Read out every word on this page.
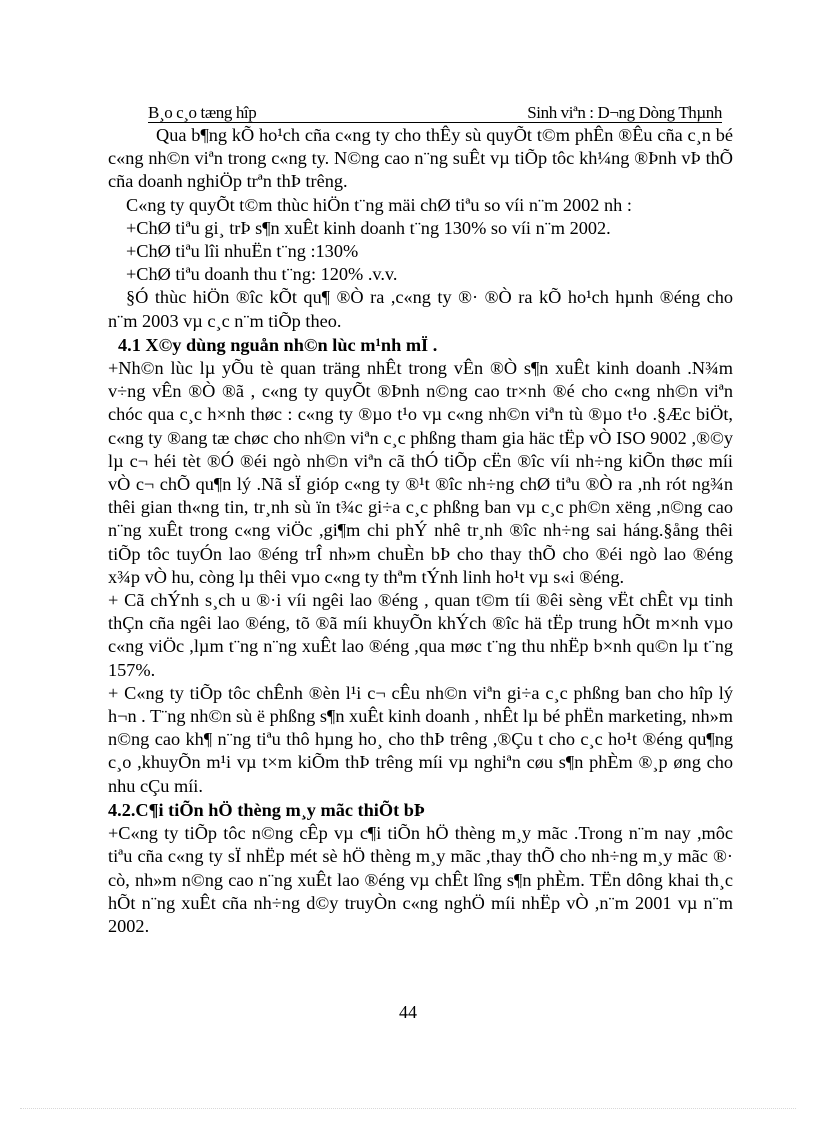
B¸o c¸o tæng hîp	Sinh viªn : D¬ng Dòng Thµnh

Qua b¶ng kÕ ho¹ch cña c«ng ty cho thÊy sù quyÕt t©m phÊn ®Êu cña c¸n bé c«ng nh©n viªn trong c«ng ty. N©ng cao n¨ng suÊt vµ tiÕp tôc kh¼ng ®Þnh vÞ thÕ cña doanh nghiÖp trªn thÞ trêng.

C«ng ty quyÕt t©m thùc hiÖn t¨ng mäi chØ tiªu so víi n¨m 2002 nh :

+ChØ tiªu gi¸ trÞ s¶n xuÊt kinh doanh t¨ng 130% so víi n¨m 2002.

+ChØ tiªu lîi nhuËn t¨ng :130%

+ChØ tiªu doanh thu t¨ng: 120% .v.v.

§Ó thùc hiÖn ®îc kÕt qu¶ ®Ò ra ,c«ng ty ®· ®Ò ra kÕ ho¹ch hµnh ®éng cho n¨m 2003 vµ c¸c n¨m tiÕp theo.

4.1 X©y dùng nguån nh©n lùc m¹nh mÏ .

+Nh©n lùc lµ yÕu tè quan träng nhÊt trong vÊn ®Ò s¶n xuÊt kinh doanh .N¾m v÷ng vÊn ®Ò ®ã , c«ng ty quyÕt ®Þnh n©ng cao tr×nh ®é cho c«ng nh©n viªn chóc qua c¸c h×nh thøc : c«ng ty ®µo t¹o vµ c«ng nh©n viªn tù ®µo t¹o .§Æc biÖt, c«ng ty ®ang tæ chøc cho nh©n viªn c¸c phßng tham gia häc tËp vÒ ISO 9002 ,®©y lµ c¬ héi tèt ®Ó ®éi ngò nh©n viªn cã thÓ tiÕp cËn ®îc víi nh÷ng kiÕn thøc míi vÒ c¬ chÕ qu¶n lý .Nã sÏ gióp c«ng ty ®¹t ®îc nh÷ng chØ tiªu ®Ò ra ,nh rót ng¾n thêi gian th«ng tin, tr¸nh sù ïn t¾c gi÷a c¸c phßng ban vµ c¸c ph©n xëng ,n©ng cao n¨ng xuÊt trong c«ng viÖc ,gi¶m chi phÝ nhê tr¸nh ®îc nh÷ng sai háng.§ång thêi tiÕp tôc tuyÓn lao ®éng trÎ nh»m chuÈn bÞ cho thay thÕ cho ®éi ngò lao ®éng x¾p vÒ hu, còng lµ thêi vµo c«ng ty thªm tÝnh linh ho¹t vµ s«i ®éng.

+ Cã chÝnh s¸ch u ®·i víi ngêi lao ®éng , quan t©m tíi ®êi sèng vËt chÊt vµ tinh thÇn cña ngêi lao ®éng, tõ ®ã míi khuyÕn khÝch ®îc hä tËp trung hÕt m×nh vµo c«ng viÖc ,lµm t¨ng n¨ng xuÊt lao ®éng ,qua møc t¨ng thu nhËp b×nh qu©n lµ t¨ng 157%.

+ C«ng ty tiÕp tôc chÊnh ®èn l¹i c¬ cÊu nh©n viªn gi÷a c¸c phßng ban cho hîp lý h¬n . T¨ng nh©n sù ë phßng s¶n xuÊt kinh doanh , nhÊt lµ bé phËn marketing, nh»m n©ng cao kh¶ n¨ng tiªu thô hµng ho¸ cho thÞ trêng ,®Çu t cho c¸c ho¹t ®éng qu¶ng c¸o ,khuyÕn m¹i vµ t×m kiÕm thÞ trêng míi vµ nghiªn cøu s¶n phÈm ®¸p øng cho nhu cÇu míi.

4.2.C¶i tiÕn hÖ thèng m¸y mãc thiÕt bÞ

+C«ng ty tiÕp tôc n©ng cÊp vµ c¶i tiÕn hÖ thèng m¸y mãc .Trong n¨m nay ,môc tiªu cña c«ng ty sÏ nhËp mét sè hÖ thèng m¸y mãc ,thay thÕ cho nh÷ng m¸y mãc ®· cò, nh»m n©ng cao n¨ng xuÊt lao ®éng vµ chÊt lîng s¶n phÈm. TËn dông khai th¸c hÕt n¨ng xuÊt cña nh÷ng d©y truyÒn c«ng nghÖ míi nhËp vÒ ,n¨m 2001 vµ n¨m 2002.

44
